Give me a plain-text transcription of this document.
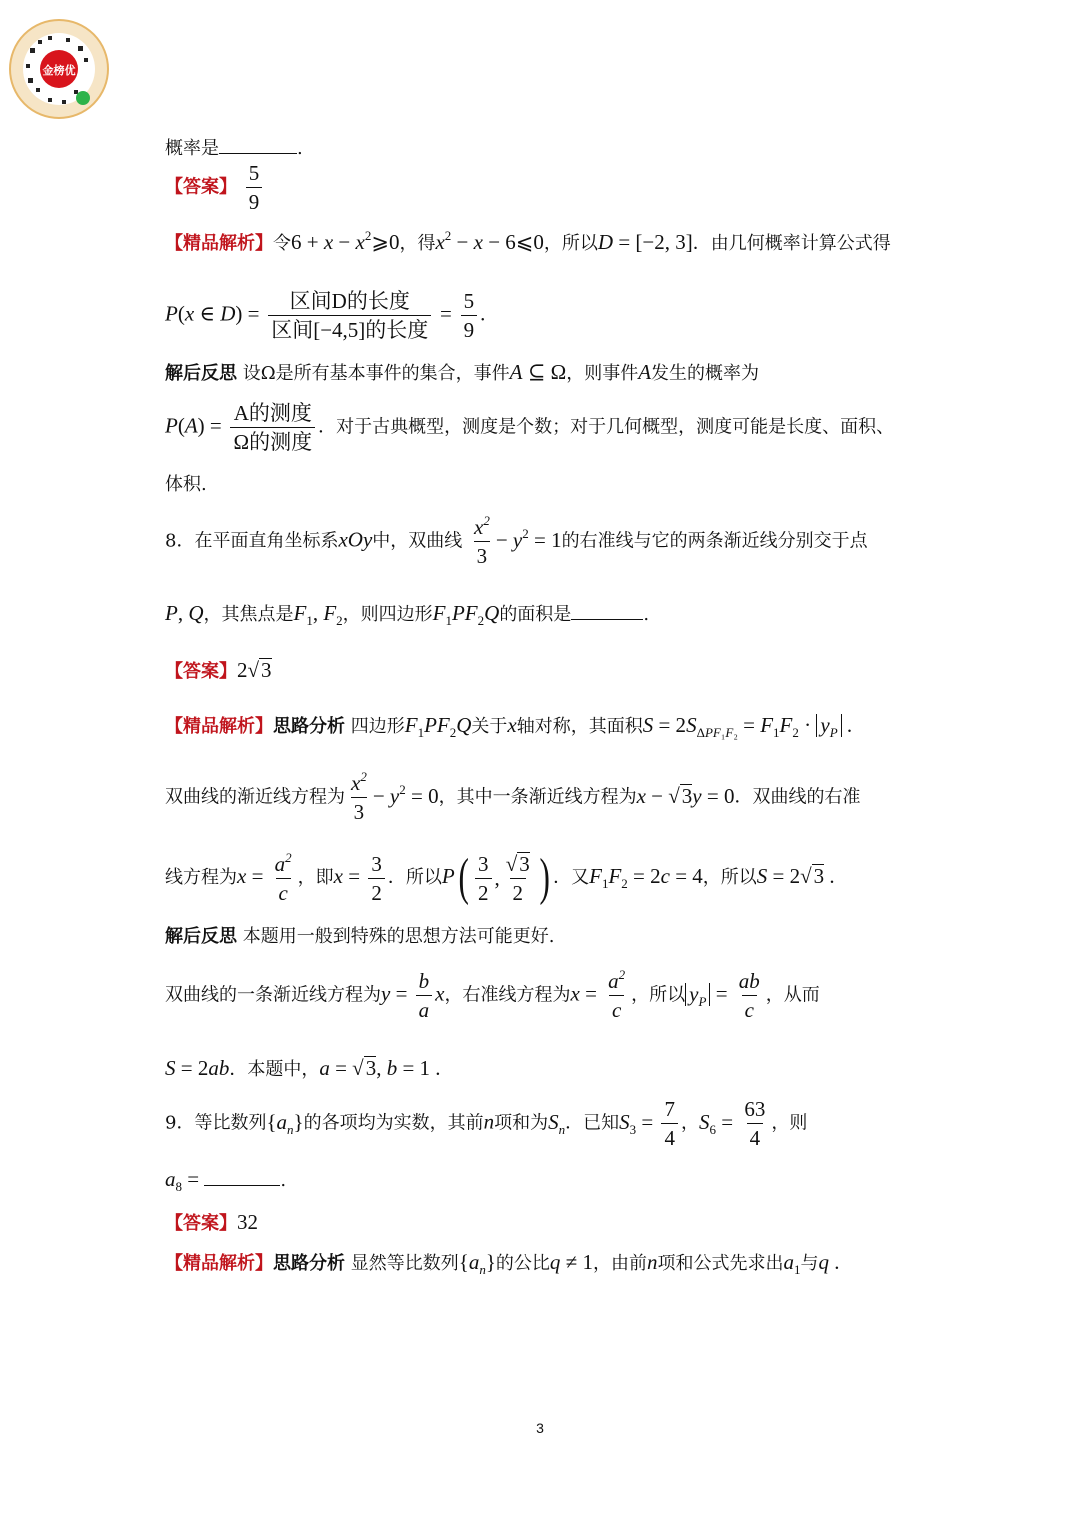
金榜优
概率是	.
【答案】 $\frac{5}{9}$
【精品解析】令$6 + x - x^2⩾0$，得$x^2 - x$ − 6⩽0，所以D = [−2, 3]．由几何概率计算公式得
P(x ∈ $D) = \frac{\text{区间D的长度}}{\text{区间[−4,5]的长度}} = \frac{5}{9}$ .
解后反思 设Ω是所有基本事件的集合，事件A ⊆ Ω，则事件A发生的概率为
$P(A) = \frac{\text{A的测度}}{\text{Ω的测度}}$ ．对于古典概型，测度是个数；对于几何概型，测度可能是长度、面积、
体积.
8．在平面直角坐标系xOy中，双曲线 $\frac{x^2}{3} - y^2 = 1$的右准线与它的两条渐近线分别交于点
P, Q，其焦点是$F_1$, $F_2$，则四边形$F_1PF_2Q$的面积是	.
【答案】2√3
【精品解析】思路分析 四边形$F_1PF_2Q$关于x轴对称，其面积$S = 2S_{\Delta PF_1F_2} = F_1F_2 \cdot y_P$ .
双曲线的渐近线方程为 $\frac{x^2}{3} - y^2 = 0$，其中一条渐近线方程为x − √3y = 0．双曲线的右准
线方程为$x = \frac{a^2}{c}$ ，即$x = \frac{3}{2}$ ．所以P ( $\frac{3}{2}$ , $\frac{√3}{2}$ ) ．又$F_1F_2 = 2c = 4$，所以S = 2√3 .
解后反思 本题用一般到特殊的思想方法可能更好.
双曲线的一条渐近线方程为$y = \frac{b}{a}$ x，右准线方程为$x = \frac{a^2}{c}$ ，所以 $y_P = \frac{ab}{c}$ ，从而
S = 2ab．本题中，a = √3, b = 1 .
9．等比数列$\{a_n\}$的各项均为实数，其前n项和为$S_n$．已知$S_3 = \frac{7}{4}$ ，$S_6 = \frac{63}{4}$ ，则
$a_8$ =	.
【答案】32
【精品解析】思路分析 显然等比数列$\{a_n\}$的公比q ≠ 1，由前n项和公式先求出$a_1$与q .
3
